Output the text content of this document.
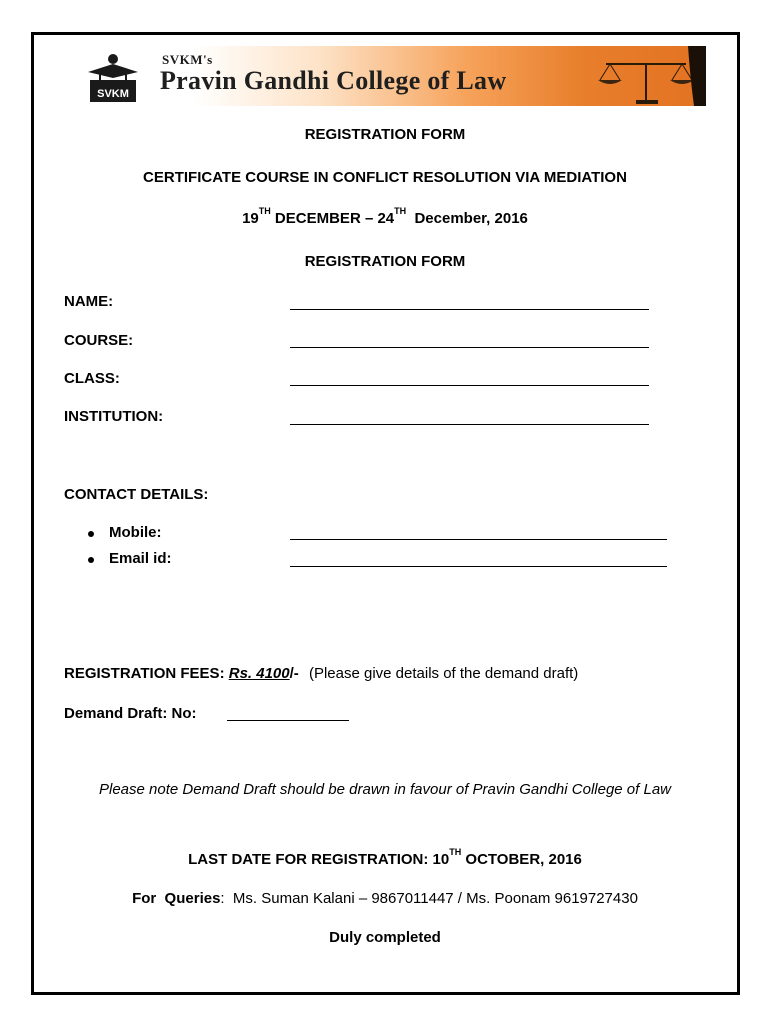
SVKM
SVKM's
Pravin Gandhi College of Law
REGISTRATION FORM
CERTIFICATE COURSE IN CONFLICT RESOLUTION VIA MEDIATION
19TH DECEMBER – 24TH  December, 2016
REGISTRATION FORM
NAME:
COURSE:
CLASS:
INSTITUTION:
CONTACT DETAILS:
Mobile:
Email id:
REGISTRATION FEES: Rs. 4100/- (Please give details of the demand draft)
Demand Draft: No:
Please note Demand Draft should be drawn in favour of Pravin Gandhi College of Law
LAST DATE FOR REGISTRATION: 10TH OCTOBER, 2016
For  Queries:  Ms. Suman Kalani – 9867011447 / Ms. Poonam 9619727430
Duly completed
